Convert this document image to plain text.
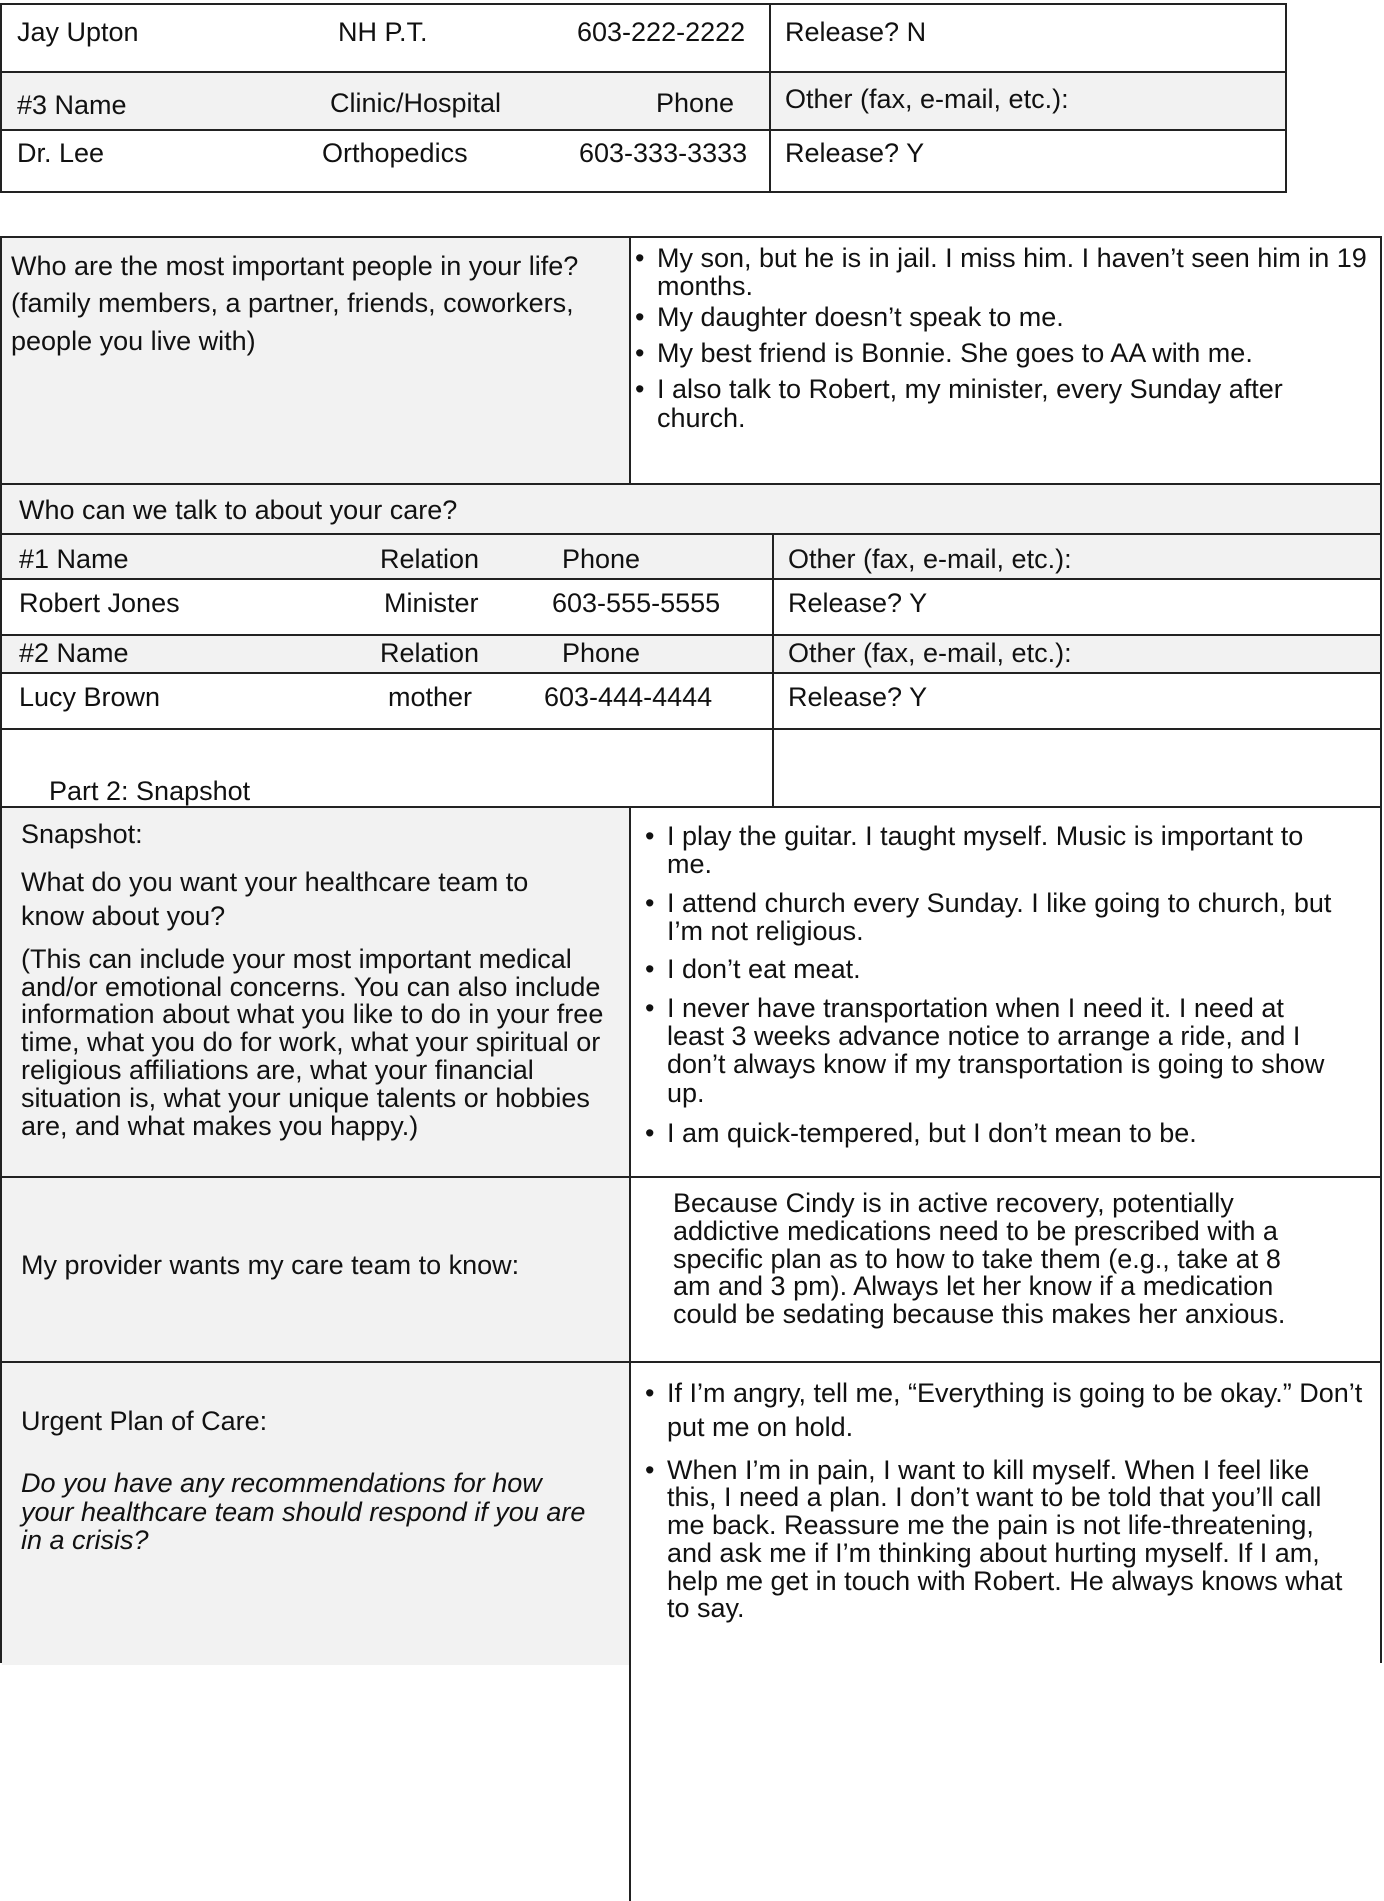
Jay Upton	NH P.T.	603-222-2222 Release? N
#3 Name	Clinic/Hospital	Phone Other (fax, e-mail, etc.):
Dr. Lee	Orthopedics	603-333-3333 Release? Y
Who are the most important people in your life? (family members, a partner, friends, coworkers, people you live with)
• My son, but he is in jail. I miss him. I haven’t seen him in 19 months.
• My daughter doesn’t speak to me.
• My best friend is Bonnie. She goes to AA with me.
• I also talk to Robert, my minister, every Sunday after church.
Who can we talk to about your care?
#1 Name	Relation	Phone	Other (fax, e-mail, etc.):
Robert Jones	Minister	603-555-5555	Release? Y
#2 Name	Relation	Phone	Other (fax, e-mail, etc.):
Lucy Brown	mother	603-444-4444	Release? Y
Part 2: Snapshot
Snapshot:
What do you want your healthcare team to know about you?
(This can include your most important medical and/or emotional concerns. You can also include information about what you like to do in your free time, what you do for work, what your spiritual or religious affiliations are, what your financial situation is, what your unique talents or hobbies are, and what makes you happy.)
• I play the guitar. I taught myself. Music is important to me.
• I attend church every Sunday. I like going to church, but I’m not religious.
• I don’t eat meat.
• I never have transportation when I need it. I need at least 3 weeks advance notice to arrange a ride, and I don’t always know if my transportation is going to show up.
• I am quick-tempered, but I don’t mean to be.
My provider wants my care team to know:
Because Cindy is in active recovery, potentially addictive medications need to be prescribed with a specific plan as to how to take them (e.g., take at 8 am and 3 pm). Always let her know if a medication could be sedating because this makes her anxious.
Urgent Plan of Care:
Do you have any recommendations for how your healthcare team should respond if you are in a crisis?
• If I’m angry, tell me, “Everything is going to be okay.” Don’t put me on hold.
• When I’m in pain, I want to kill myself. When I feel like this, I need a plan. I don’t want to be told that you’ll call me back. Reassure me the pain is not life-threatening, and ask me if I’m thinking about hurting myself. If I am, help me get in touch with Robert. He always knows what to say.
